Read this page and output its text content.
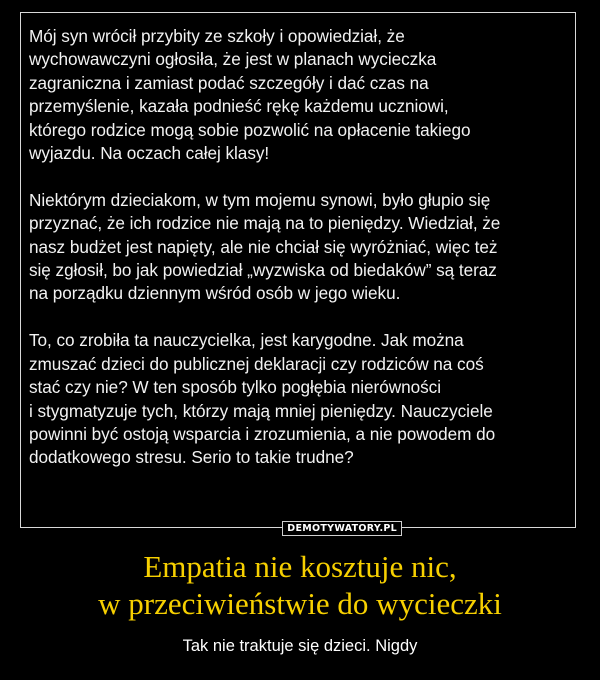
Mój syn wrócił przybity ze szkoły i opowiedział, że
wychowawczyni ogłosiła, że jest w planach wycieczka
zagraniczna i zamiast podać szczegóły i dać czas na
przemyślenie, kazała podnieść rękę każdemu uczniowi,
którego rodzice mogą sobie pozwolić na opłacenie takiego
wyjazdu. Na oczach całej klasy!

Niektórym dzieciakom, w tym mojemu synowi, było głupio się
przyznać, że ich rodzice nie mają na to pieniędzy. Wiedział, że
nasz budżet jest napięty, ale nie chciał się wyróżniać, więc też
się zgłosił, bo jak powiedział „wyzwiska od biedaków” są teraz
na porządku dziennym wśród osób w jego wieku.

To, co zrobiła ta nauczycielka, jest karygodne. Jak można
zmuszać dzieci do publicznej deklaracji czy rodziców na coś
stać czy nie? W ten sposób tylko pogłębia nierówności
i stygmatyzuje tych, którzy mają mniej pieniędzy. Nauczyciele
powinni być ostoją wsparcia i zrozumienia, a nie powodem do
dodatkowego stresu. Serio to takie trudne?

DEMOTYWATORY.PL
Empatia nie kosztuje nic,
w przeciwieństwie do wycieczki

Tak nie traktuje się dzieci. Nigdy
